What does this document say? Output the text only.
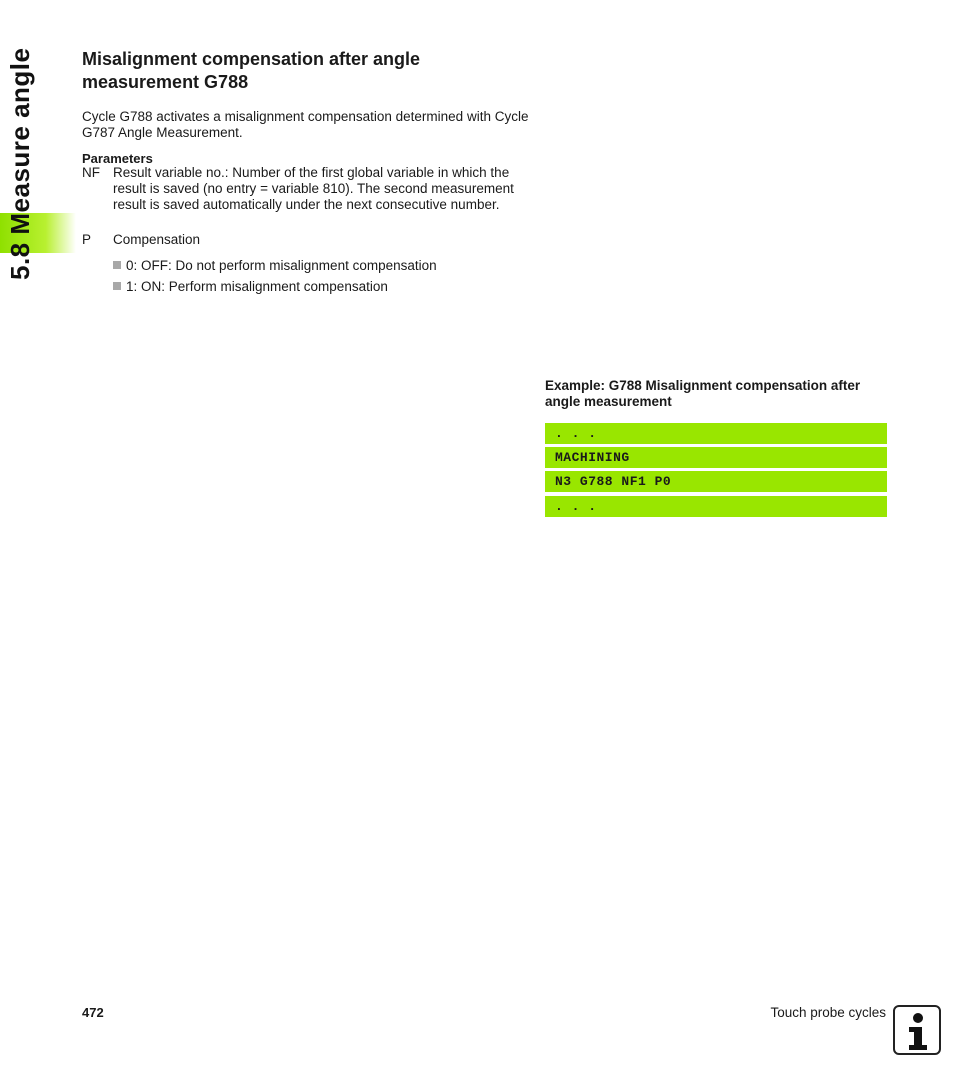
5.8 Measure angle	Misalignment compensation after angle measurement G788
Cycle G788 activates a misalignment compensation determined with Cycle G787 Angle Measurement.
Parameters
NF Result variable no.: Number of the first global variable in which the result is saved (no entry = variable 810). The second measurement result is saved automatically under the next consecutive number.
P Compensation
0: OFF: Do not perform misalignment compensation
1: ON: Perform misalignment compensation
Example: G788 Misalignment compensation after angle measurement
. . .
MACHINING
N3 G788 NF1 P0
. . .
472	Touch probe cycles
